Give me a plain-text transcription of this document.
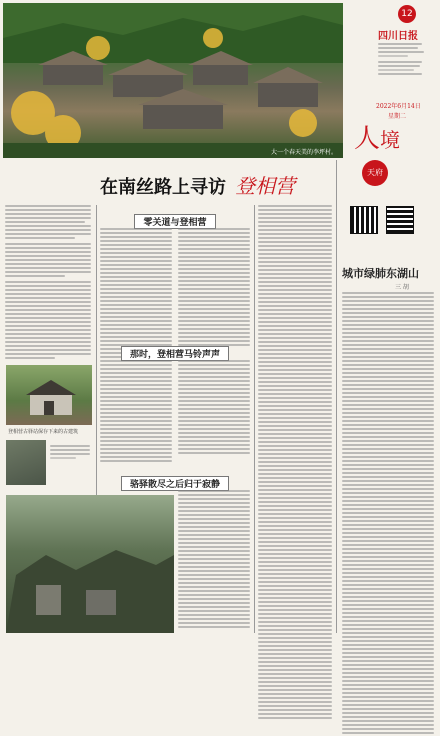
大一个春天美的李坪村。
12
四川日报
2022年6月14日
星期二
人境
在南丝路上寻访 登相营
登相营古驿站保存下来的古建筑
零关道与登相营
那时，登相营马铃声声
骆驿散尽之后归于寂静
天府
城市绿肺东湖山
三 胡
